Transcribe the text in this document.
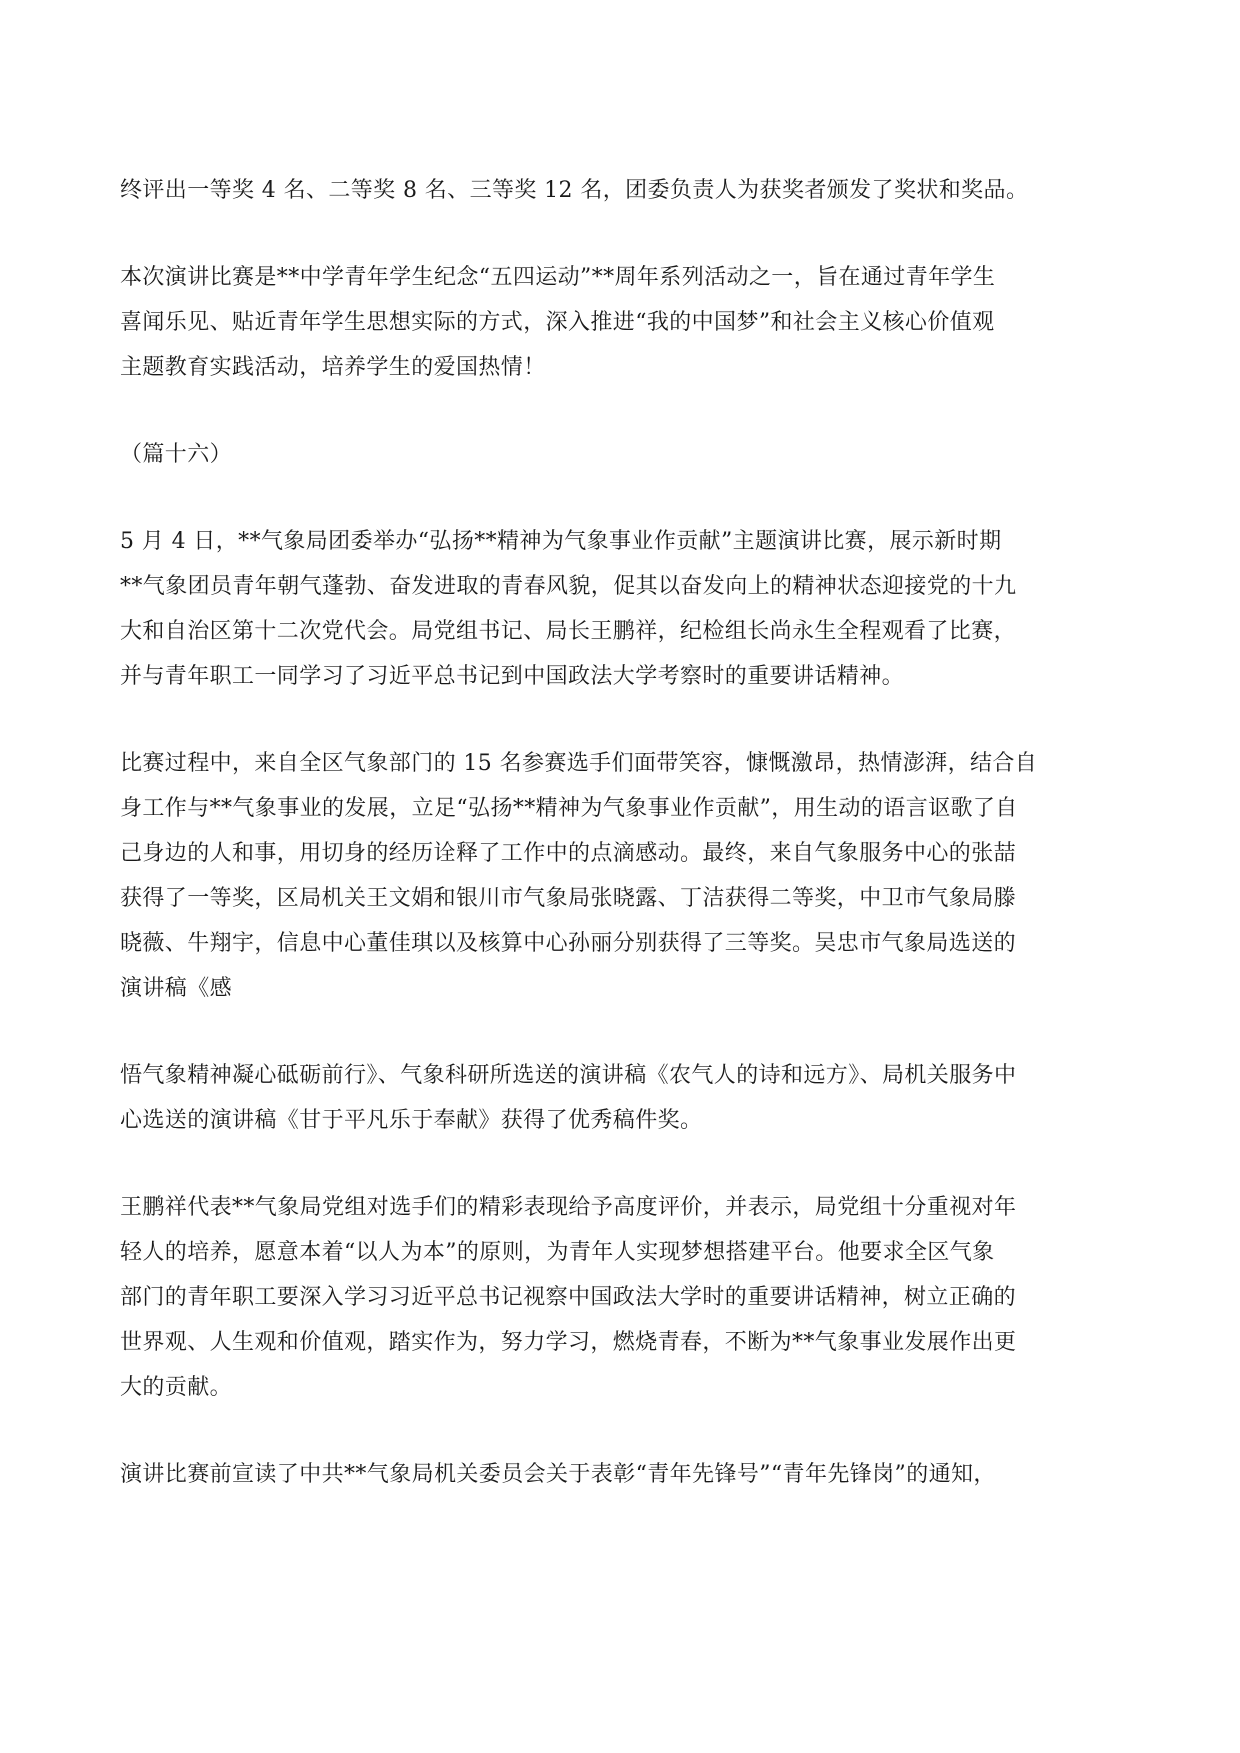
终评出一等奖 4 名、二等奖 8 名、三等奖 12 名，团委负责人为获奖者颁发了奖状和奖品。

本次演讲比赛是**中学青年学生纪念“五四运动”**周年系列活动之一，旨在通过青年学生
喜闻乐见、贴近青年学生思想实际的方式，深入推进“我的中国梦”和社会主义核心价值观
主题教育实践活动，培养学生的爱国热情！

（篇十六）

5 月 4 日，**气象局团委举办“弘扬**精神为气象事业作贡献”主题演讲比赛，展示新时期
**气象团员青年朝气蓬勃、奋发进取的青春风貌，促其以奋发向上的精神状态迎接党的十九
大和自治区第十二次党代会。局党组书记、局长王鹏祥，纪检组长尚永生全程观看了比赛，
并与青年职工一同学习了习近平总书记到中国政法大学考察时的重要讲话精神。

比赛过程中，来自全区气象部门的 15 名参赛选手们面带笑容，慷慨激昂，热情澎湃，结合自
身工作与**气象事业的发展，立足“弘扬**精神为气象事业作贡献”，用生动的语言讴歌了自
己身边的人和事，用切身的经历诠释了工作中的点滴感动。最终，来自气象服务中心的张喆
获得了一等奖，区局机关王文娟和银川市气象局张晓露、丁洁获得二等奖，中卫市气象局滕
晓薇、牛翔宇，信息中心董佳琪以及核算中心孙丽分别获得了三等奖。吴忠市气象局选送的
演讲稿《感

悟气象精神凝心砥砺前行》、气象科研所选送的演讲稿《农气人的诗和远方》、局机关服务中
心选送的演讲稿《甘于平凡乐于奉献》获得了优秀稿件奖。

王鹏祥代表**气象局党组对选手们的精彩表现给予高度评价，并表示，局党组十分重视对年
轻人的培养，愿意本着“以人为本”的原则，为青年人实现梦想搭建平台。他要求全区气象
部门的青年职工要深入学习习近平总书记视察中国政法大学时的重要讲话精神，树立正确的
世界观、人生观和价值观，踏实作为，努力学习，燃烧青春，不断为**气象事业发展作出更
大的贡献。

演讲比赛前宣读了中共**气象局机关委员会关于表彰“青年先锋号”“青年先锋岗”的通知，
